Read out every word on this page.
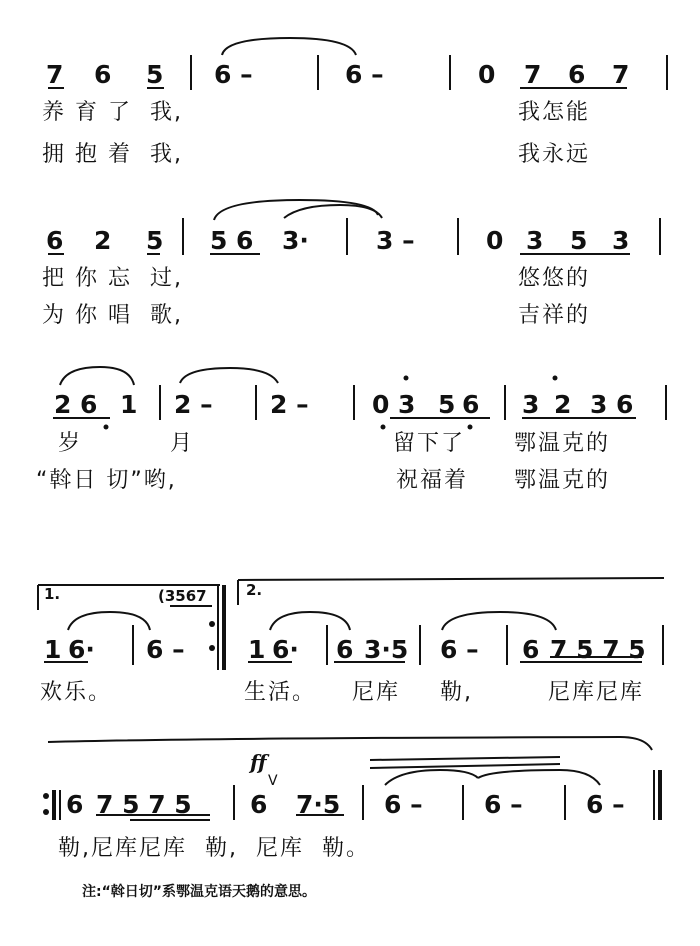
7 6 5 6 –	6 –	0 7 6 7
养 育 了  我,	我怎能
拥 抱 着  我,	我永远
6 2 5 5 6 3·	3 –	0 3 5 3
把 你 忘  过,	悠悠的
为 你 唱  歌,	吉祥的
2 6 1 2 – 2 –	0 3 5 6 3 2 3 6
岁	月	留下了 鄂温克的
“斡日 切”哟,	祝福着 鄂温克的
1.	2.
(3567
1 6· 6 –	1 6· 6 3·5 6 – 6 7 5 7 5
欢乐。	生活。 尼库 勒,	尼库尼库
ff
V
6 7 5 7 5 6 7·5 6 – 6 –	6 –
勒,尼库尼库  勒,  尼库  勒。
注:“斡日切”系鄂温克语天鹅的意思。
